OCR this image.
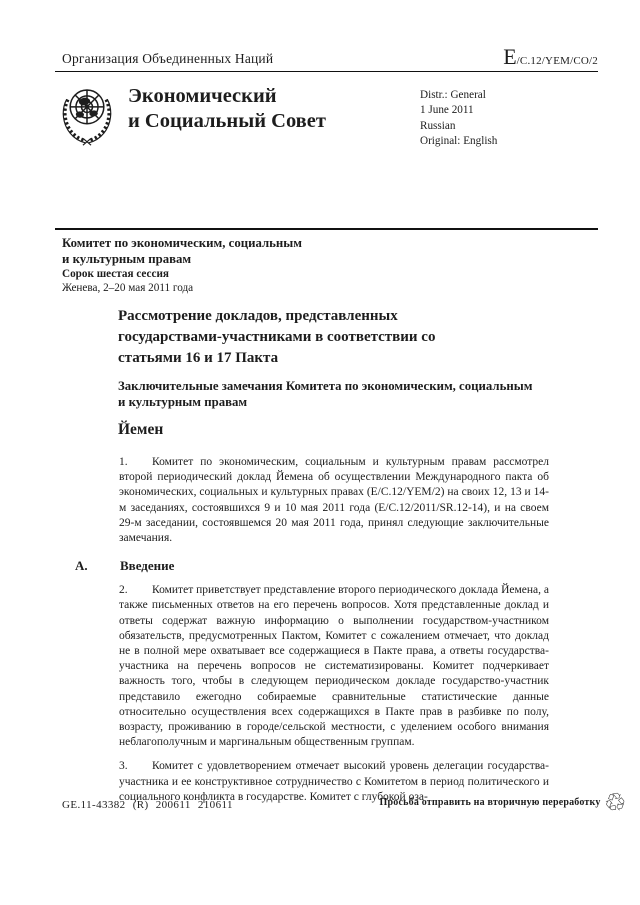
Организация Объединенных Наций	E /C.12/YEM/CO/2
Экономический
и Социальный Совет
Distr.: General
1 June 2011
Russian
Original: English
Комитет по экономическим, социальным
и культурным правам
Сорок шестая сессия
Женева, 2–20 мая 2011 года
Рассмотрение докладов, представленных государствами-участниками в соответствии со статьями 16 и 17 Пакта
Заключительные замечания Комитета по экономическим, социальным и культурным правам
Йемен

1. Комитет по экономическим, социальным и культурным правам рассмотрел второй периодический доклад Йемена об осуществлении Международного пакта об экономических, социальных и культурных правах (E/C.12/YEM/2) на своих 12, 13 и 14-м заседаниях, состоявшихся 9 и 10 мая 2011 года (E/C.12/2011/SR.12-14), и на своем 29-м заседании, состоявшемся 20 мая 2011 года, принял следующие заключительные замечания.

A. Введение

2. Комитет приветствует представление второго периодического доклада Йемена, а также письменных ответов на его перечень вопросов. Хотя представленные доклад и ответы содержат важную информацию о выполнении государством-участником обязательств, предусмотренных Пактом, Комитет с сожалением отмечает, что доклад не в полной мере охватывает все содержащиеся в Пакте права, а ответы государства-участника на перечень вопросов не систематизированы. Комитет подчеркивает важность того, чтобы в следующем периодическом докладе государство-участник представило ежегодно собираемые сравнительные статистические данные относительно осуществления всех содержащихся в Пакте прав в разбивке по полу, возрасту, проживанию в городе/сельской местности, с уделением особого внимания неблагополучным и маргинальным общественным группам.

3. Комитет с удовлетворением отмечает высокий уровень делегации государства-участника и ее конструктивное сотрудничество с Комитетом в период политического и социального конфликта в государстве. Комитет с глубокой оза-

GE.11-43382 (R) 200611 210611	Просьба отправить на вторичную переработку ♲
